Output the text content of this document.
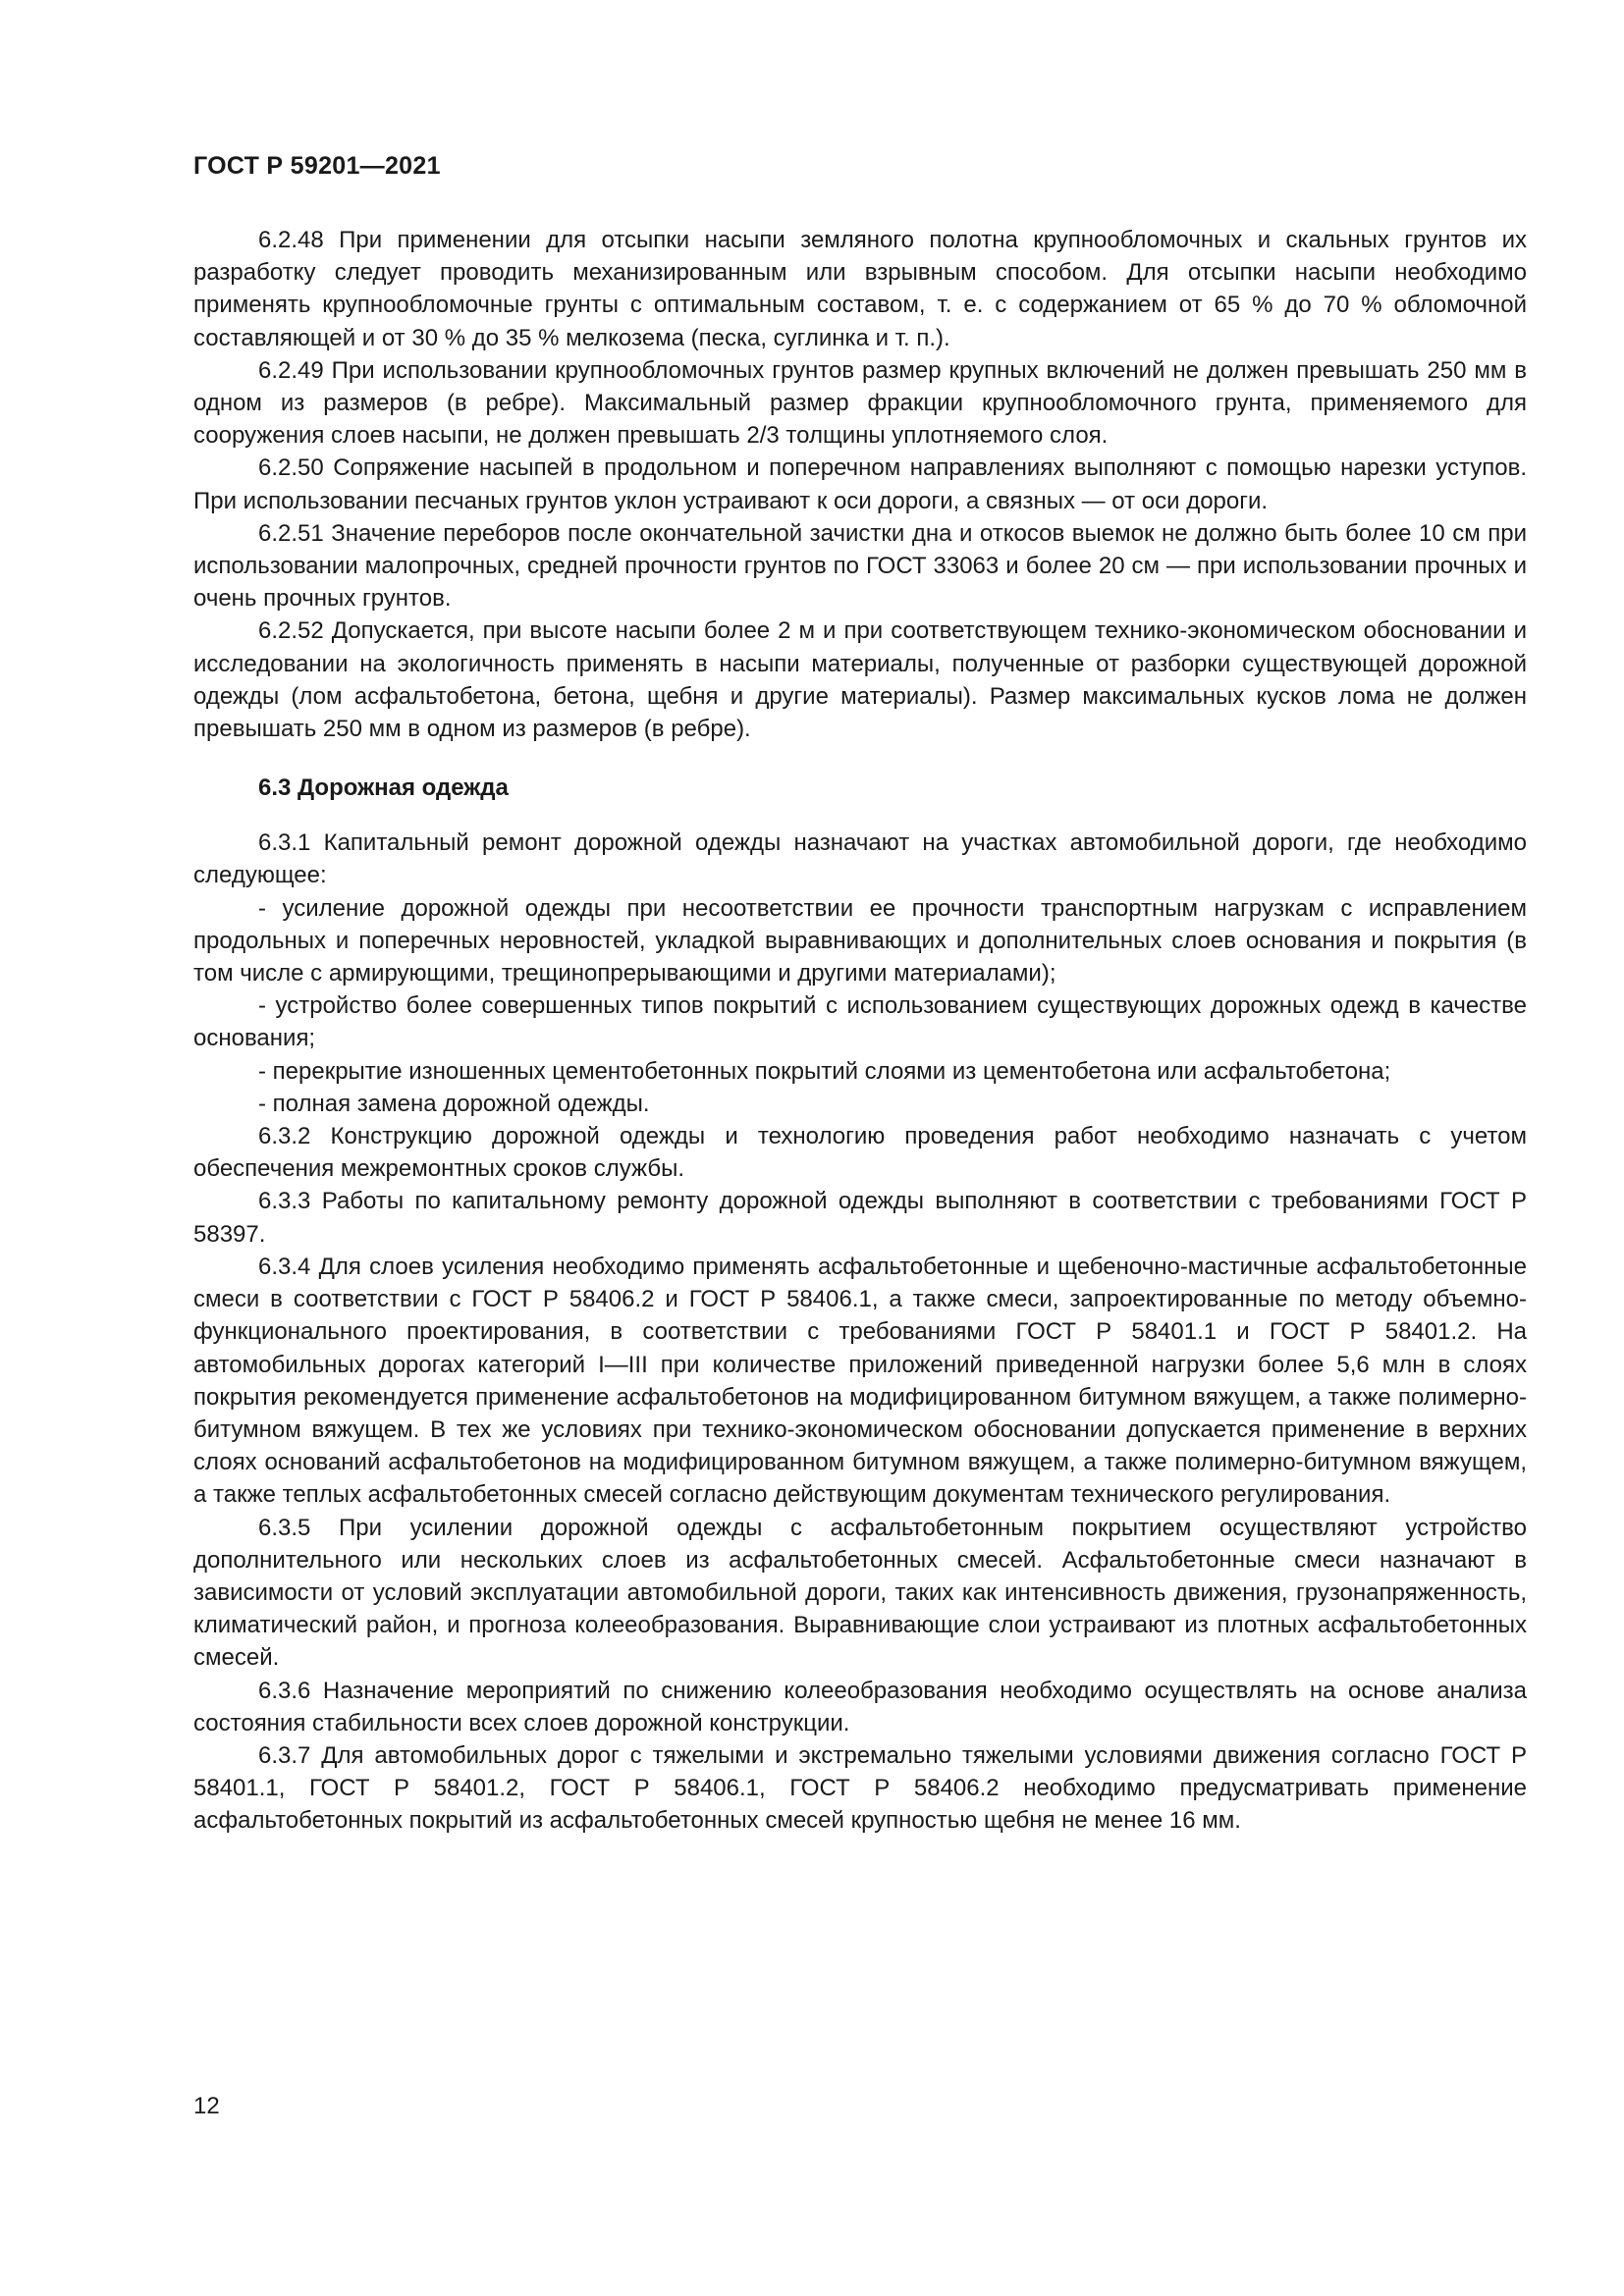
ГОСТ Р 59201—2021

6.2.48 При применении для отсыпки насыпи земляного полотна крупнообломочных и скальных грунтов их разработку следует проводить механизированным или взрывным способом. Для отсыпки насыпи необходимо применять крупнообломочные грунты с оптимальным составом, т. е. с содержанием от 65 % до 70 % обломочной составляющей и от 30 % до 35 % мелкозема (песка, суглинка и т. п.).

6.2.49 При использовании крупнообломочных грунтов размер крупных включений не должен превышать 250 мм в одном из размеров (в ребре). Максимальный размер фракции крупнообломочного грунта, применяемого для сооружения слоев насыпи, не должен превышать 2/3 толщины уплотняемого слоя.

6.2.50 Сопряжение насыпей в продольном и поперечном направлениях выполняют с помощью нарезки уступов. При использовании песчаных грунтов уклон устраивают к оси дороги, а связных — от оси дороги.

6.2.51 Значение переборов после окончательной зачистки дна и откосов выемок не должно быть более 10 см при использовании малопрочных, средней прочности грунтов по ГОСТ 33063 и более 20 см — при использовании прочных и очень прочных грунтов.

6.2.52 Допускается, при высоте насыпи более 2 м и при соответствующем технико-экономическом обосновании и исследовании на экологичность применять в насыпи материалы, полученные от разборки существующей дорожной одежды (лом асфальтобетона, бетона, щебня и другие материалы). Размер максимальных кусков лома не должен превышать 250 мм в одном из размеров (в ребре).

6.3 Дорожная одежда

6.3.1 Капитальный ремонт дорожной одежды назначают на участках автомобильной дороги, где необходимо следующее:

- усиление дорожной одежды при несоответствии ее прочности транспортным нагрузкам с исправлением продольных и поперечных неровностей, укладкой выравнивающих и дополнительных слоев основания и покрытия (в том числе с армирующими, трещинопрерывающими и другими материалами);

- устройство более совершенных типов покрытий с использованием существующих дорожных одежд в качестве основания;

- перекрытие изношенных цементобетонных покрытий слоями из цементобетона или асфальтобетона;

- полная замена дорожной одежды.

6.3.2 Конструкцию дорожной одежды и технологию проведения работ необходимо назначать с учетом обеспечения межремонтных сроков службы.

6.3.3 Работы по капитальному ремонту дорожной одежды выполняют в соответствии с требованиями ГОСТ Р 58397.

6.3.4 Для слоев усиления необходимо применять асфальтобетонные и щебеночно-мастичные асфальтобетонные смеси в соответствии с ГОСТ Р 58406.2 и ГОСТ Р 58406.1, а также смеси, запроектированные по методу объемно-функционального проектирования, в соответствии с требованиями ГОСТ Р 58401.1 и ГОСТ Р 58401.2. На автомобильных дорогах категорий I—III при количестве приложений приведенной нагрузки более 5,6 млн в слоях покрытия рекомендуется применение асфальтобетонов на модифицированном битумном вяжущем, а также полимерно-битумном вяжущем. В тех же условиях при технико-экономическом обосновании допускается применение в верхних слоях оснований асфальтобетонов на модифицированном битумном вяжущем, а также полимерно-битумном вяжущем, а также теплых асфальтобетонных смесей согласно действующим документам технического регулирования.

6.3.5 При усилении дорожной одежды с асфальтобетонным покрытием осуществляют устройство дополнительного или нескольких слоев из асфальтобетонных смесей. Асфальтобетонные смеси назначают в зависимости от условий эксплуатации автомобильной дороги, таких как интенсивность движения, грузонапряженность, климатический район, и прогноза колееобразования. Выравнивающие слои устраивают из плотных асфальтобетонных смесей.

6.3.6 Назначение мероприятий по снижению колееобразования необходимо осуществлять на основе анализа состояния стабильности всех слоев дорожной конструкции.

6.3.7 Для автомобильных дорог с тяжелыми и экстремально тяжелыми условиями движения согласно ГОСТ Р 58401.1, ГОСТ Р 58401.2, ГОСТ Р 58406.1, ГОСТ Р 58406.2 необходимо предусматривать применение асфальтобетонных покрытий из асфальтобетонных смесей крупностью щебня не менее 16 мм.

12
